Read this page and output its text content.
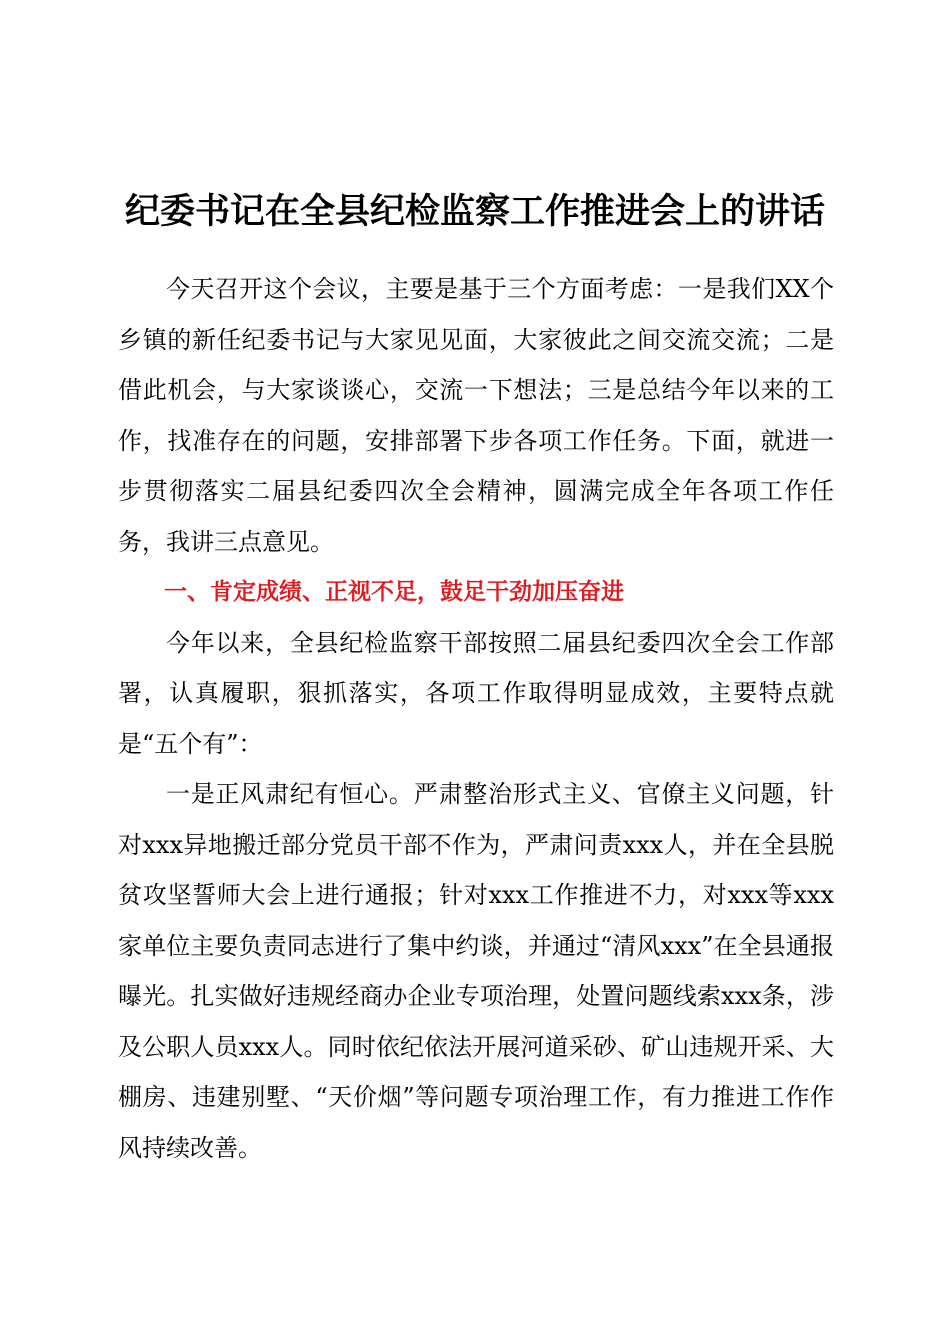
纪委书记在全县纪检监察工作推进会上的讲话

今天召开这个会议，主要是基于三个方面考虑：一是我们XX个乡镇的新任纪委书记与大家见见面，大家彼此之间交流交流；二是借此机会，与大家谈谈心，交流一下想法；三是总结今年以来的工作，找准存在的问题，安排部署下步各项工作任务。下面，就进一步贯彻落实二届县纪委四次全会精神，圆满完成全年各项工作任务，我讲三点意见。

一、肯定成绩、正视不足，鼓足干劲加压奋进

今年以来，全县纪检监察干部按照二届县纪委四次全会工作部署，认真履职，狠抓落实，各项工作取得明显成效，主要特点就是“五个有”：

一是正风肃纪有恒心。严肃整治形式主义、官僚主义问题，针对xxx异地搬迁部分党员干部不作为，严肃问责xxx人，并在全县脱贫攻坚誓师大会上进行通报；针对xxx工作推进不力，对xxx等xxx家单位主要负责同志进行了集中约谈，并通过“清风xxx”在全县通报曝光。扎实做好违规经商办企业专项治理，处置问题线索xxx条，涉及公职人员xxx人。同时依纪依法开展河道采砂、矿山违规开采、大棚房、违建别墅、“天价烟”等问题专项治理工作，有力推进工作作风持续改善。
